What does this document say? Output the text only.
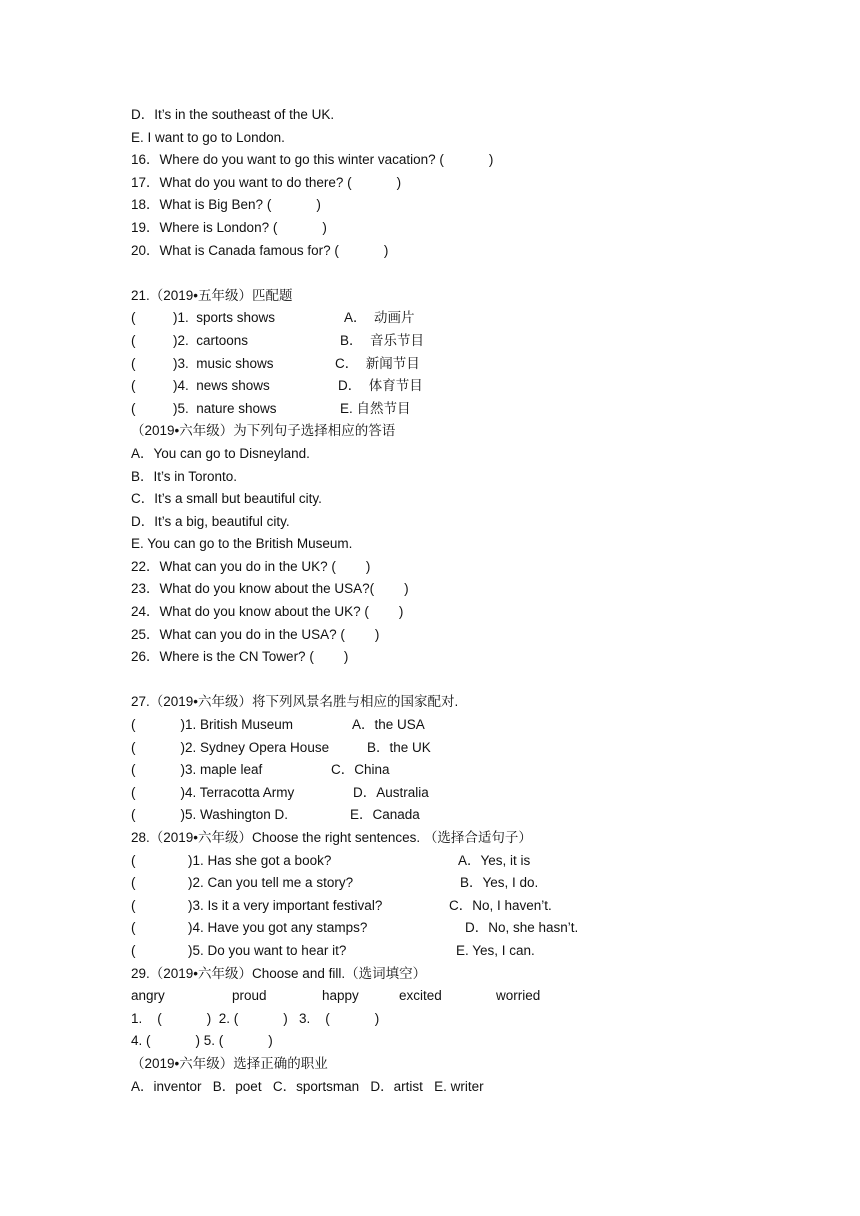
D．It’s in the southeast of the UK.
E. I want to go to London.
16．Where do you want to go this winter vacation? (            )
17．What do you want to do there? (            )
18．What is Big Ben? (            )
19．Where is London? (            )
20．What is Canada famous for? (            )
21.（2019•五年级）匹配题
(          )1.  sports shows	A．  动画片
(          )2.  cartoons	B．  音乐节目
(          )3.  music shows	C．  新闻节目
(          )4.  news shows	D．  体育节目
(          )5.  nature shows	E. 自然节目
（2019•六年级）为下列句子选择相应的答语
A．You can go to Disneyland.
B．It’s in Toronto.
C．It’s a small but beautiful city.
D．It’s a big, beautiful city.
E. You can go to the British Museum.
22．What can you do in the UK? (        )
23．What do you know about the USA?(        )
24．What do you know about the UK? (        )
25．What can you do in the USA? (        )
26．Where is the CN Tower? (        )
27.（2019•六年级）将下列风景名胜与相应的国家配对.
(            )1. British Museum	A．the USA
(            )2. Sydney Opera House	B．the UK
(            )3. maple leaf	C．China
(            )4. Terracotta Army	D．Australia
(            )5. Washington D.	E．Canada
28.（2019•六年级）Choose the right sentences. （选择合适句子）
(              )1. Has she got a book?	A．Yes, it is
(              )2. Can you tell me a story?	B．Yes, I do.
(              )3. Is it a very important festival?	C．No, I haven’t.
(              )4. Have you got any stamps?	D．No, she hasn’t.
(              )5. Do you want to hear it?	E. Yes, I can.
29.（2019•六年级）Choose and fill.（选词填空）

angry

	proud

	happy

	excited

	worried

1.    (            )  2. (            )   3.    (            )
4. (            ) 5. (            )
（2019•六年级）选择正确的职业
A．inventor   B．poet   C．sportsman   D．artist   E. writer
